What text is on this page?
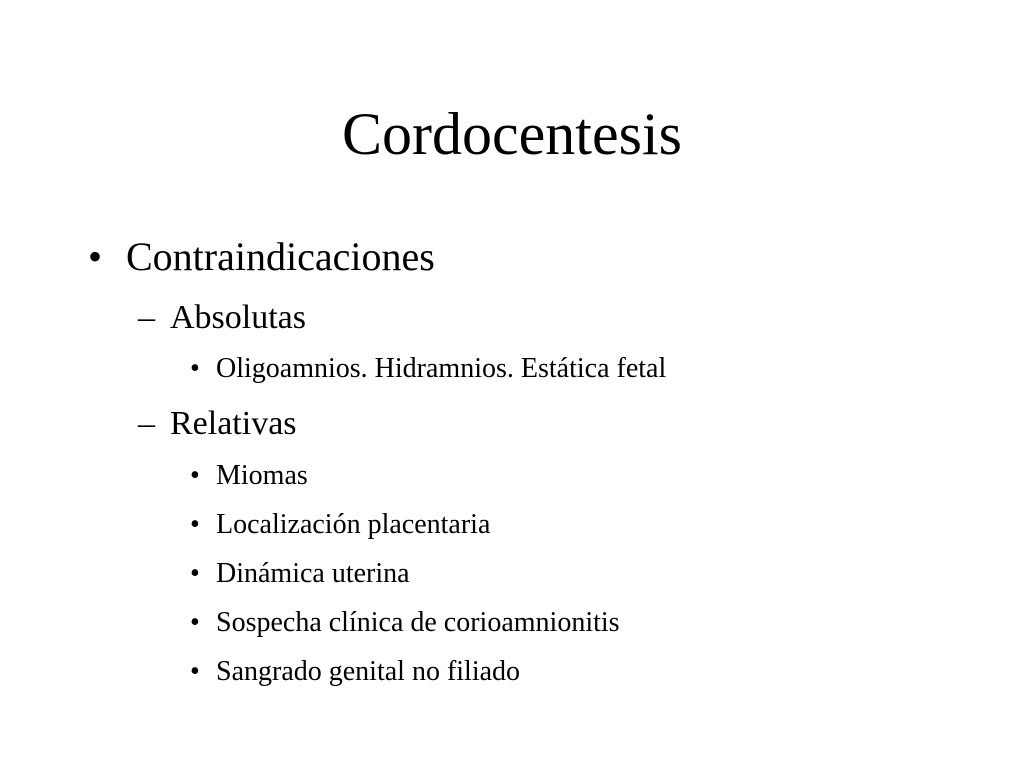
Cordocentesis
• Contraindicaciones
– Absolutas
• Oligoamnios. Hidramnios. Estática fetal
– Relativas
• Miomas
• Localización placentaria
• Dinámica uterina
• Sospecha clínica de corioamnionitis
• Sangrado genital no filiado
